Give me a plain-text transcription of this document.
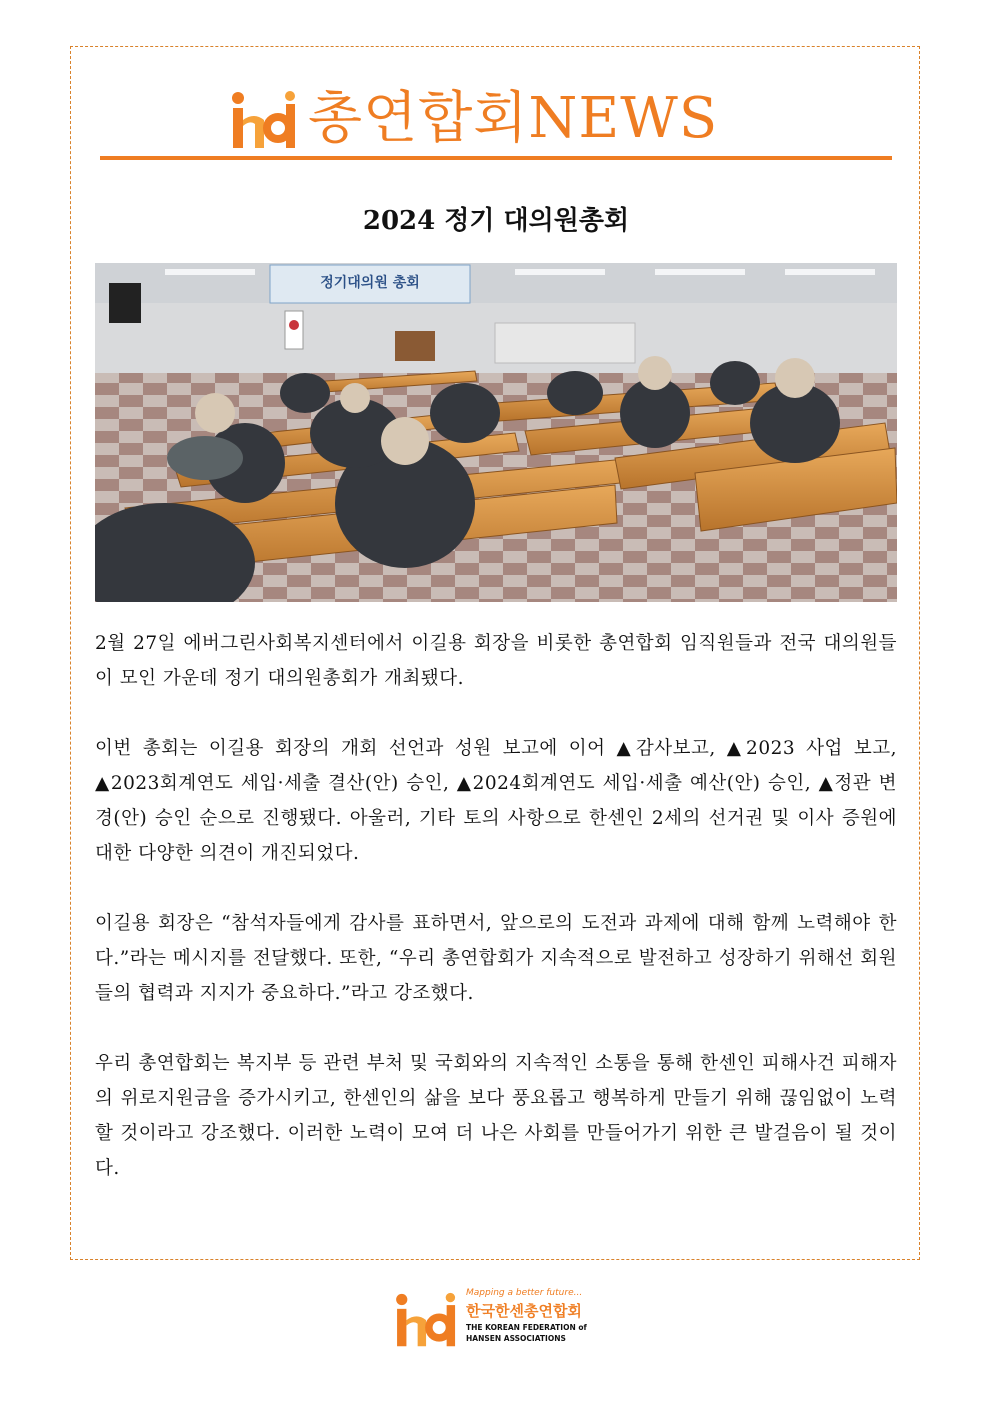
총연합회NEWS
2024 정기 대의원총회
정기대의원 총회

2월 27일 에버그린사회복지센터에서 이길용 회장을 비롯한 총연합회 임직원들과 전국 대의원들이 모인 가운데 정기 대의원총회가 개최됐다.

이번 총회는 이길용 회장의 개회 선언과 성원 보고에 이어 ▲감사보고, ▲2023 사업 보고, ▲2023회계연도 세입·세출 결산(안) 승인, ▲2024회계연도 세입·세출 예산(안) 승인, ▲정관 변경(안) 승인 순으로 진행됐다. 아울러, 기타 토의 사항으로 한센인 2세의 선거권 및 이사 증원에 대한 다양한 의견이 개진되었다.

이길용 회장은 “참석자들에게 감사를 표하면서, 앞으로의 도전과 과제에 대해 함께 노력해야 한다.”라는 메시지를 전달했다. 또한, “우리 총연합회가 지속적으로 발전하고 성장하기 위해선 회원들의 협력과 지지가 중요하다.”라고 강조했다.

우리 총연합회는 복지부 등 관련 부처 및 국회와의 지속적인 소통을 통해 한센인 피해사건 피해자의 위로지원금을 증가시키고, 한센인의 삶을 보다 풍요롭고 행복하게 만들기 위해 끊임없이 노력할 것이라고 강조했다. 이러한 노력이 모여 더 나은 사회를 만들어가기 위한 큰 발걸음이 될 것이다.

Mapping a better future...
한국한센총연합회
THE KOREAN FEDERATION of
HANSEN ASSOCIATIONS
